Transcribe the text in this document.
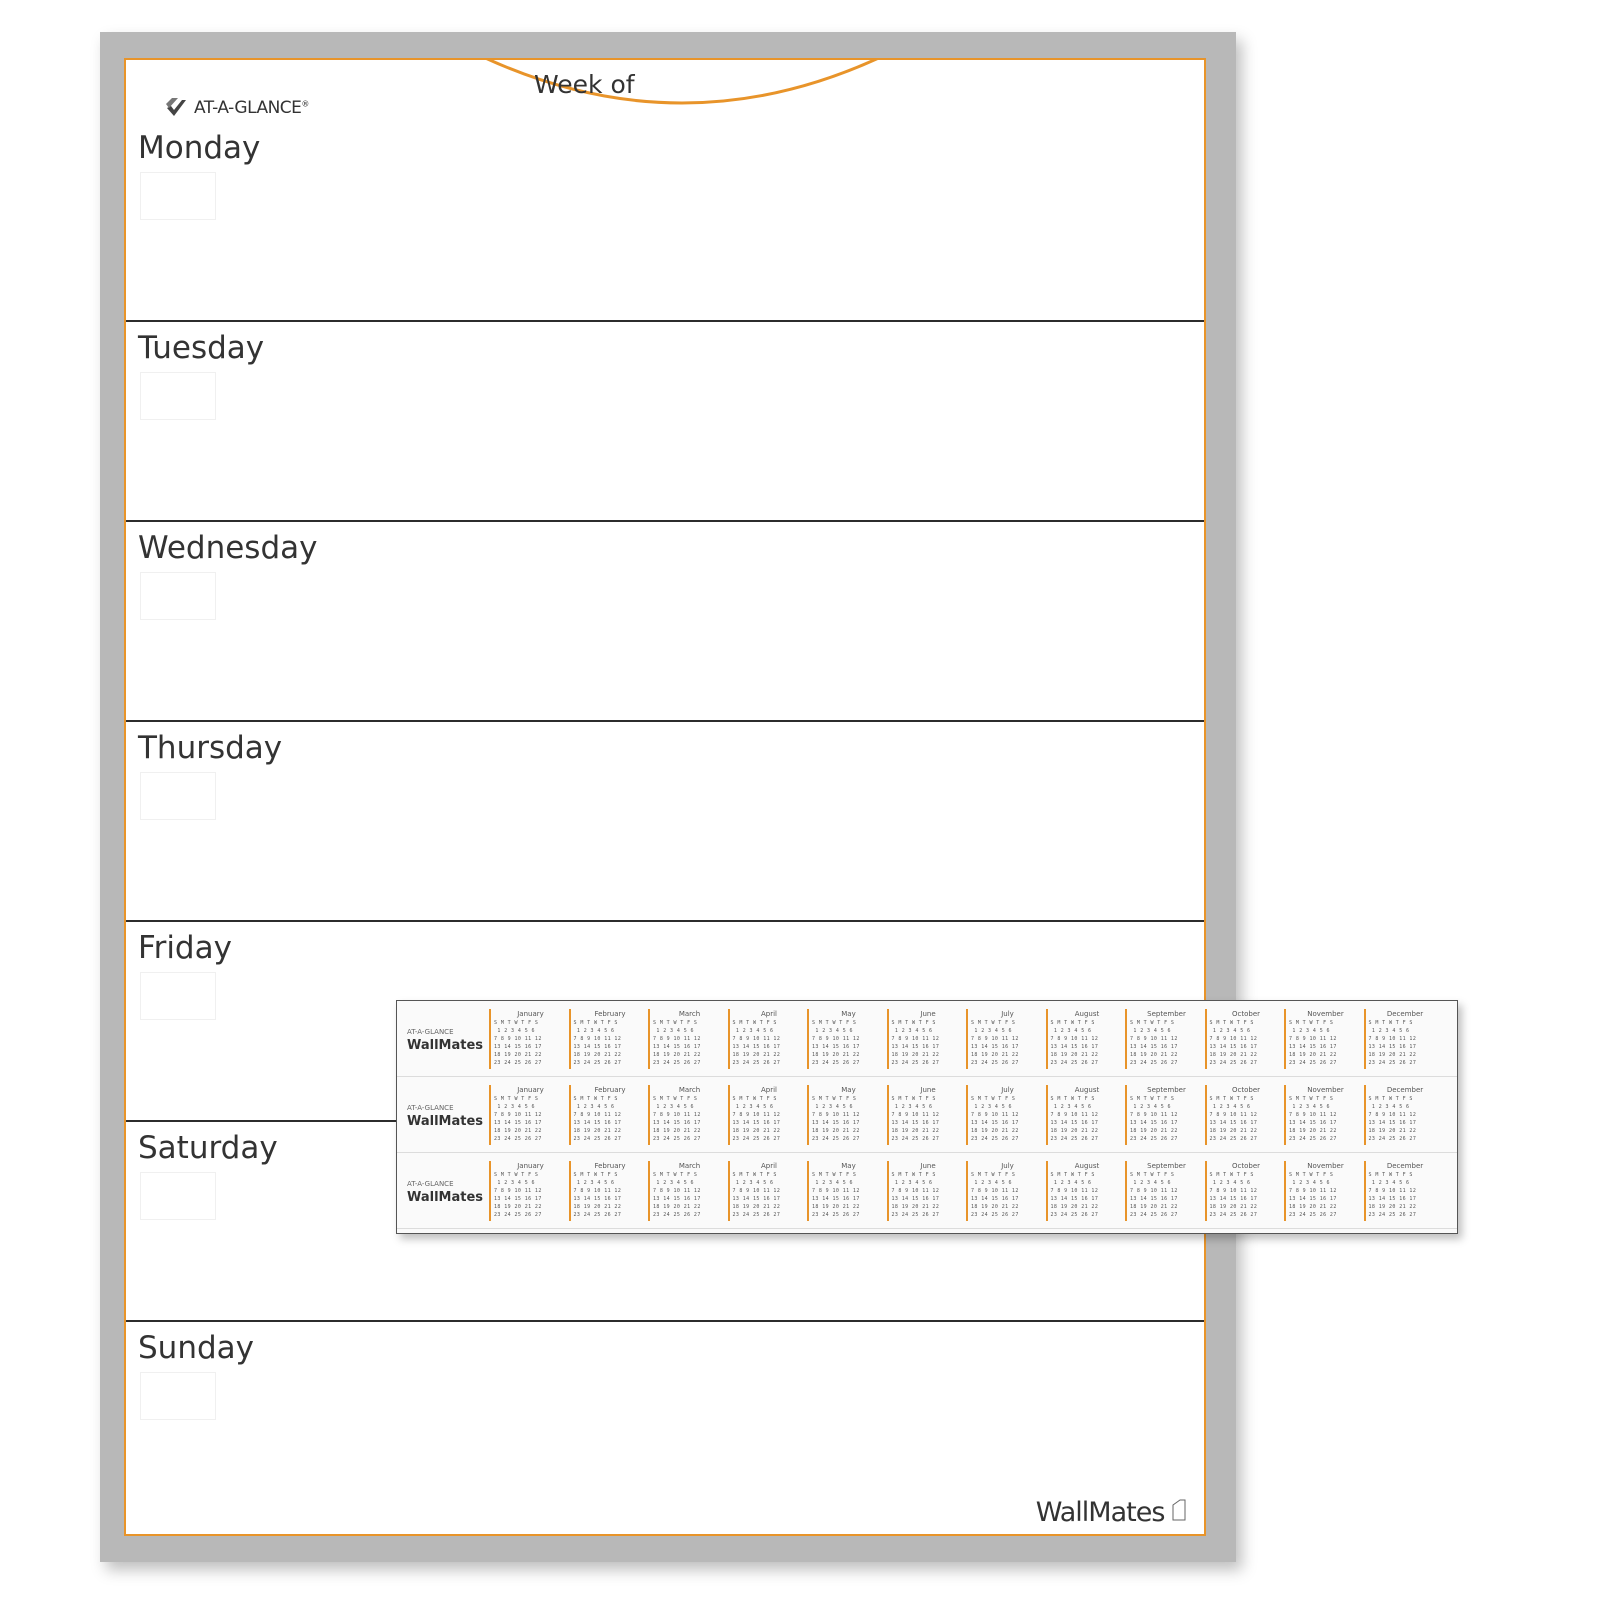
Week of
AT-A-GLANCE®
Monday
Tuesday
Wednesday
Thursday
Friday
Saturday
Sunday
WallMates
AT-A-GLANCE
WallMates
January
S M T W T F S
1 2 3 4 5 6
7 8 9 10 11 12
13 14 15 16 17
18 19 20 21 22
23 24 25 26 27
February
S M T W T F S
1 2 3 4 5 6
7 8 9 10 11 12
13 14 15 16 17
18 19 20 21 22
23 24 25 26 27
March
S M T W T F S
1 2 3 4 5 6
7 8 9 10 11 12
13 14 15 16 17
18 19 20 21 22
23 24 25 26 27
April
S M T W T F S
1 2 3 4 5 6
7 8 9 10 11 12
13 14 15 16 17
18 19 20 21 22
23 24 25 26 27
May
S M T W T F S
1 2 3 4 5 6
7 8 9 10 11 12
13 14 15 16 17
18 19 20 21 22
23 24 25 26 27
June
S M T W T F S
1 2 3 4 5 6
7 8 9 10 11 12
13 14 15 16 17
18 19 20 21 22
23 24 25 26 27
July
S M T W T F S
1 2 3 4 5 6
7 8 9 10 11 12
13 14 15 16 17
18 19 20 21 22
23 24 25 26 27
August
S M T W T F S
1 2 3 4 5 6
7 8 9 10 11 12
13 14 15 16 17
18 19 20 21 22
23 24 25 26 27
September
S M T W T F S
1 2 3 4 5 6
7 8 9 10 11 12
13 14 15 16 17
18 19 20 21 22
23 24 25 26 27
October
S M T W T F S
1 2 3 4 5 6
7 8 9 10 11 12
13 14 15 16 17
18 19 20 21 22
23 24 25 26 27
November
S M T W T F S
1 2 3 4 5 6
7 8 9 10 11 12
13 14 15 16 17
18 19 20 21 22
23 24 25 26 27
December
S M T W T F S
1 2 3 4 5 6
7 8 9 10 11 12
13 14 15 16 17
18 19 20 21 22
23 24 25 26 27
AT-A-GLANCE
WallMates
January
S M T W T F S
1 2 3 4 5 6
7 8 9 10 11 12
13 14 15 16 17
18 19 20 21 22
23 24 25 26 27
February
S M T W T F S
1 2 3 4 5 6
7 8 9 10 11 12
13 14 15 16 17
18 19 20 21 22
23 24 25 26 27
March
S M T W T F S
1 2 3 4 5 6
7 8 9 10 11 12
13 14 15 16 17
18 19 20 21 22
23 24 25 26 27
April
S M T W T F S
1 2 3 4 5 6
7 8 9 10 11 12
13 14 15 16 17
18 19 20 21 22
23 24 25 26 27
May
S M T W T F S
1 2 3 4 5 6
7 8 9 10 11 12
13 14 15 16 17
18 19 20 21 22
23 24 25 26 27
June
S M T W T F S
1 2 3 4 5 6
7 8 9 10 11 12
13 14 15 16 17
18 19 20 21 22
23 24 25 26 27
July
S M T W T F S
1 2 3 4 5 6
7 8 9 10 11 12
13 14 15 16 17
18 19 20 21 22
23 24 25 26 27
August
S M T W T F S
1 2 3 4 5 6
7 8 9 10 11 12
13 14 15 16 17
18 19 20 21 22
23 24 25 26 27
September
S M T W T F S
1 2 3 4 5 6
7 8 9 10 11 12
13 14 15 16 17
18 19 20 21 22
23 24 25 26 27
October
S M T W T F S
1 2 3 4 5 6
7 8 9 10 11 12
13 14 15 16 17
18 19 20 21 22
23 24 25 26 27
November
S M T W T F S
1 2 3 4 5 6
7 8 9 10 11 12
13 14 15 16 17
18 19 20 21 22
23 24 25 26 27
December
S M T W T F S
1 2 3 4 5 6
7 8 9 10 11 12
13 14 15 16 17
18 19 20 21 22
23 24 25 26 27
AT-A-GLANCE
WallMates
January
S M T W T F S
1 2 3 4 5 6
7 8 9 10 11 12
13 14 15 16 17
18 19 20 21 22
23 24 25 26 27
February
S M T W T F S
1 2 3 4 5 6
7 8 9 10 11 12
13 14 15 16 17
18 19 20 21 22
23 24 25 26 27
March
S M T W T F S
1 2 3 4 5 6
7 8 9 10 11 12
13 14 15 16 17
18 19 20 21 22
23 24 25 26 27
April
S M T W T F S
1 2 3 4 5 6
7 8 9 10 11 12
13 14 15 16 17
18 19 20 21 22
23 24 25 26 27
May
S M T W T F S
1 2 3 4 5 6
7 8 9 10 11 12
13 14 15 16 17
18 19 20 21 22
23 24 25 26 27
June
S M T W T F S
1 2 3 4 5 6
7 8 9 10 11 12
13 14 15 16 17
18 19 20 21 22
23 24 25 26 27
July
S M T W T F S
1 2 3 4 5 6
7 8 9 10 11 12
13 14 15 16 17
18 19 20 21 22
23 24 25 26 27
August
S M T W T F S
1 2 3 4 5 6
7 8 9 10 11 12
13 14 15 16 17
18 19 20 21 22
23 24 25 26 27
September
S M T W T F S
1 2 3 4 5 6
7 8 9 10 11 12
13 14 15 16 17
18 19 20 21 22
23 24 25 26 27
October
S M T W T F S
1 2 3 4 5 6
7 8 9 10 11 12
13 14 15 16 17
18 19 20 21 22
23 24 25 26 27
November
S M T W T F S
1 2 3 4 5 6
7 8 9 10 11 12
13 14 15 16 17
18 19 20 21 22
23 24 25 26 27
December
S M T W T F S
1 2 3 4 5 6
7 8 9 10 11 12
13 14 15 16 17
18 19 20 21 22
23 24 25 26 27
